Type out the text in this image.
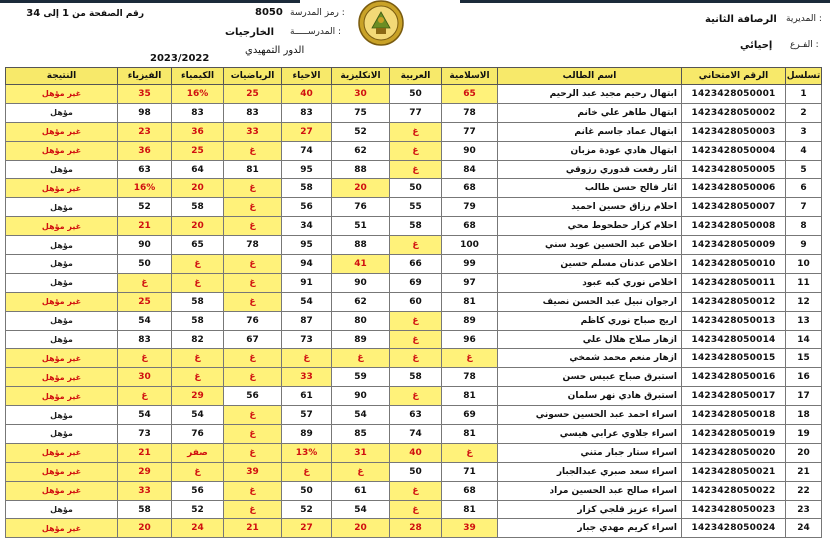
المديرية :
الرصافة الثانية
الفـرع :
إحيائي
رمز المدرسة :
8050
المدرســـــة :
الخارجيات
الدور التمهيدي
2023/2022
رقم الصفحة من 1 إلى 34
تسلسل	الرقم الامتحاني	اسم الطالب	الاسلامية	العربية	الانكليزية	الاحياء	الرياضيات	الكيمياء	الفيزياء	النتيجة
1	1423428050001	ابتهال رحيم مجيد عبد الرحيم	65	50	30	40	25	16%	35	غير مؤهل
2	1423428050002	ابتهال طاهر علي خانم	78	77	75	83	83	83	98	مؤهل
3	1423428050003	ابتهال عماد جاسم غانم	77	غ	52	27	33	36	23	غير مؤهل
4	1423428050004	ابتهال هادي عودة مزبان	90	غ	62	74	غ	25	36	غير مؤهل
5	1423428050005	اثار رفعت قدوري رزوقي	84	غ	88	95	81	64	63	مؤهل
6	1423428050006	اثار فالح حسن طالب	68	50	20	58	غ	20	16%	غير مؤهل
7	1423428050007	احلام رزاق حسين احميد	79	55	76	56	غ	58	52	مؤهل
8	1423428050008	احلام كزار حطحوط محي	68	58	51	34	غ	20	21	غير مؤهل
9	1423428050009	اخلاص عبد الحسين عويد سني	100	غ	88	95	78	65	90	مؤهل
10	1423428050010	اخلاص عدنان مسلم حسين	99	66	41	94	غ	غ	50	مؤهل
11	1423428050011	اخلاص نوري كبه عبود	97	69	90	91	غ	غ	غ	مؤهل
12	1423428050012	ارجوان نبيل عبد الحسن نصيف	81	60	62	54	غ	58	25	غير مؤهل
13	1423428050013	اريج صباح نوري كاظم	89	غ	80	87	76	58	54	مؤهل
14	1423428050014	ازهار صلاح هلال علي	96	غ	89	73	67	82	83	مؤهل
15	1423428050015	ازهار منعم محمد شمخي	غ	غ	غ	غ	غ	غ	غ	غير مؤهل
16	1423428050016	استبرق صباح عبيس حسن	78	58	59	33	غ	غ	30	غير مؤهل
17	1423428050017	استبرق هادي نهر سلمان	81	غ	90	61	56	29	غ	غير مؤهل
18	1423428050018	اسراء احمد عبد الحسين حسوني	69	63	54	57	غ	54	54	مؤهل
19	1423428050019	اسراء جلاوي عرابي هيسي	81	74	85	89	غ	76	73	مؤهل
20	1423428050020	اسراء ستار جبار متني	غ	40	31	13%	غ	صفر	21	غير مؤهل
21	1423428050021	اسراء سعد صبري عبدالجبار	71	50	غ	غ	39	غ	29	غير مؤهل
22	1423428050022	اسراء صالح عبد الحسين مراد	68	غ	61	50	غ	56	33	غير مؤهل
23	1423428050023	اسراء عزيز قلجي كزار	81	غ	54	52	غ	52	58	مؤهل
24	1423428050024	اسراء كريم مهدي جبار	39	28	20	27	21	24	20	غير مؤهل
